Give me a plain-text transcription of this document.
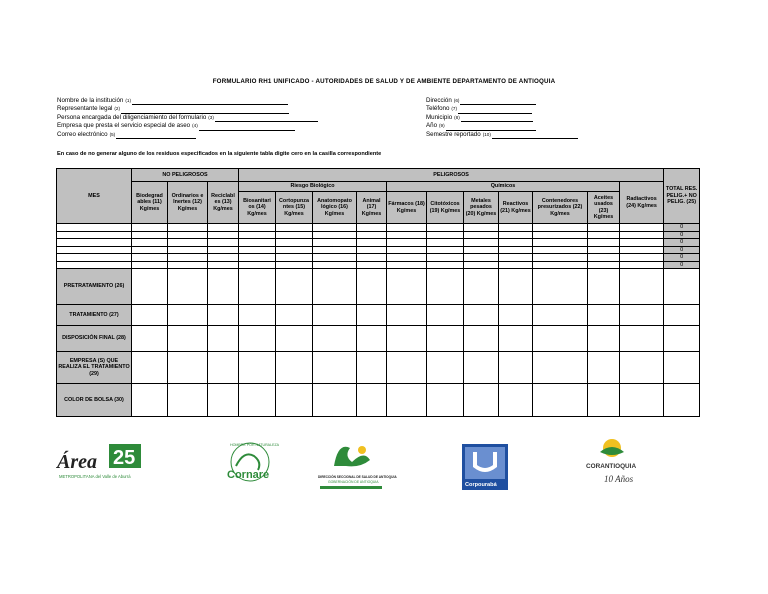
FORMULARIO RH1 UNIFICADO - AUTORIDADES DE SALUD Y DE AMBIENTE DEPARTAMENTO DE ANTIOQUIA
Nombre de la institución (1)
Representante legal (2)
Persona encargada del diligenciamiento del formulario (3)
Empresa que presta el servicio especial de aseo (4)
Correo electrónico (5)
Dirección (6)
Teléfono (7)
Municipio (8)
Año (9)
Semestre reportado (10)
En caso de no generar alguno de los residuos especificados en la siguiente tabla digite cero en la casilla correspondiente
MES	NO PELIGROSOS			PELIGROSOS											TOTAL RES. PELIG.+ NO PELIG. (25)
	Biodegrad ables (11) Kg/mes	Ordinarios e Inertes (12) Kg/mes	Reciclabl es (13) Kg/mes	Riesgo Biológico				Químicos						Radiactivos (24) Kg/mes	
				Biosanitari os (14) Kg/mes	Cortopunza ntes (15) Kg/mes	Anatomopato lógico (16) Kg/mes	Animal (17) Kg/mes	Fármacos (18) Kg/mes	Citotóxicos (19) Kg/mes	Metales pesados (20) Kg/mes	Reactivos (21) Kg/mes	Contenedores presurizados (22) Kg/mes	Aceites usados (23) Kg/mes		
															0
															0
															0
															0
															0
															0
PRETRATAMIENTO (26)															
TRATAMIENTO (27)															
DISPOSICIÓN FINAL (28)															
EMPRESA (S) QUE REALIZA EL TRATAMIENTO (29)															
COLOR DE BOLSA (30)															
Área
METROPOLITANA del Valle de Aburrá
25
HOMBRE POR NATURALEZA
Cornare	DIRECCIÓN SECCIONAL DE SALUD DE ANTIOQUIA
GOBERNACIÓN DE ANTIOQUIA	Corpourabá
CORANTIOQUIA
10 Años
